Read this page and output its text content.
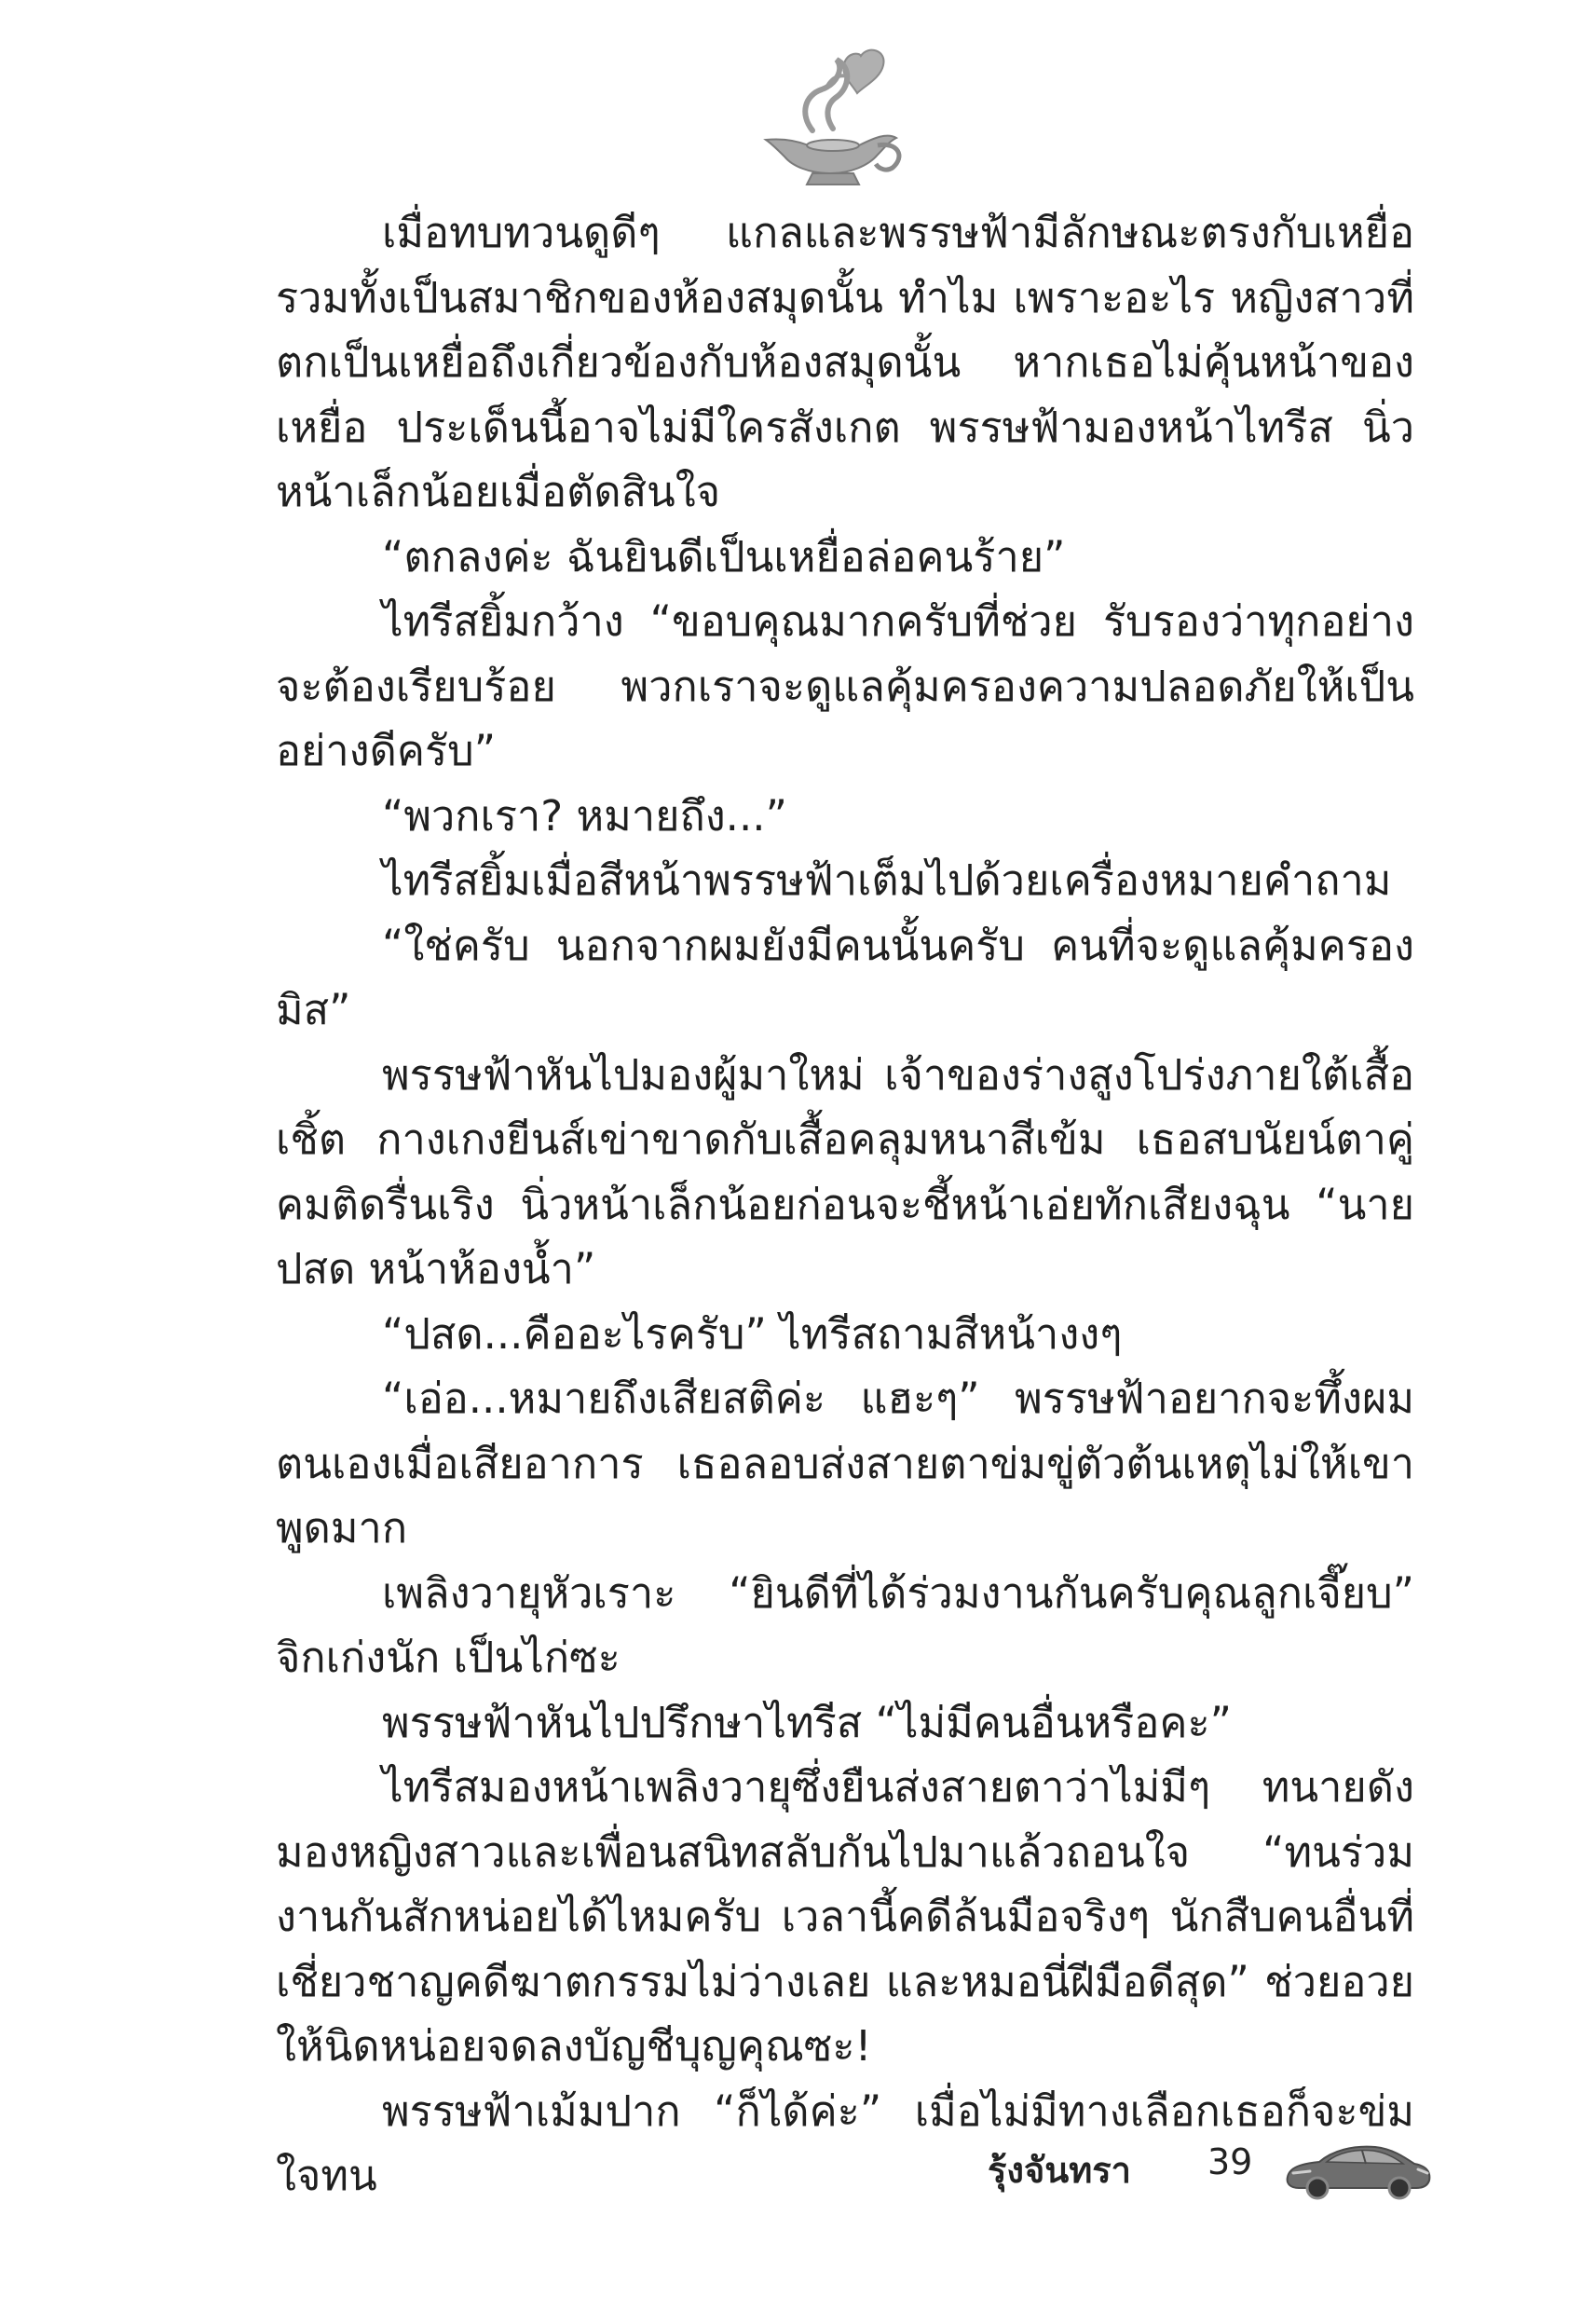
เมื่อทบทวนดูดีๆ แกลและพรรษฟ้ามีลักษณะตรงกับเหยื่อ รวมทั้งเป็นสมาชิกของห้องสมุดนั้น ทำไม เพราะอะไร หญิงสาวที่ตกเป็นเหยื่อถึงเกี่ยวข้องกับห้องสมุดนั้น หากเธอไม่คุ้นหน้าของเหยื่อ ประเด็นนี้อาจไม่มีใครสังเกต พรรษฟ้ามองหน้าไทรีส นิ่วหน้าเล็กน้อยเมื่อตัดสินใจ

“ตกลงค่ะ ฉันยินดีเป็นเหยื่อล่อคนร้าย”

ไทรีสยิ้มกว้าง “ขอบคุณมากครับที่ช่วย รับรองว่าทุกอย่างจะต้องเรียบร้อย พวกเราจะดูแลคุ้มครองความปลอดภัยให้เป็นอย่างดีครับ”

“พวกเรา? หมายถึง...”

ไทรีสยิ้มเมื่อสีหน้าพรรษฟ้าเต็มไปด้วยเครื่องหมายคำถาม

“ใช่ครับ นอกจากผมยังมีคนนั้นครับ คนที่จะดูแลคุ้มครองมิส”

พรรษฟ้าหันไปมองผู้มาใหม่ เจ้าของร่างสูงโปร่งภายใต้เสื้อเชิ้ต กางเกงยีนส์เข่าขาดกับเสื้อคลุมหนาสีเข้ม เธอสบนัยน์ตาคู่คมติดรื่นเริง นิ่วหน้าเล็กน้อยก่อนจะชี้หน้าเอ่ยทักเสียงฉุน “นาย ปสด หน้าห้องน้ำ”

“ปสด...คืออะไรครับ” ไทรีสถามสีหน้างงๆ

“เอ่อ...หมายถึงเสียสติค่ะ แฮะๆ” พรรษฟ้าอยากจะทึ้งผมตนเองเมื่อเสียอาการ เธอลอบส่งสายตาข่มขู่ตัวต้นเหตุไม่ให้เขาพูดมาก

เพลิงวายุหัวเราะ “ยินดีที่ได้ร่วมงานกันครับคุณลูกเจี๊ยบ” จิกเก่งนัก เป็นไก่ซะ

พรรษฟ้าหันไปปรึกษาไทรีส “ไม่มีคนอื่นหรือคะ”

ไทรีสมองหน้าเพลิงวายุซึ่งยืนส่งสายตาว่าไม่มีๆ ทนายดังมองหญิงสาวและเพื่อนสนิทสลับกันไปมาแล้วถอนใจ “ทนร่วมงานกันสักหน่อยได้ไหมครับ เวลานี้คดีล้นมือจริงๆ นักสืบคนอื่นที่เชี่ยวชาญคดีฆาตกรรมไม่ว่างเลย และหมอนี่ฝีมือดีสุด” ช่วยอวยให้นิดหน่อยจดลงบัญชีบุญคุณซะ!

พรรษฟ้าเม้มปาก “ก็ได้ค่ะ” เมื่อไม่มีทางเลือกเธอก็จะข่มใจทน	รุ้งจันทรา 39
